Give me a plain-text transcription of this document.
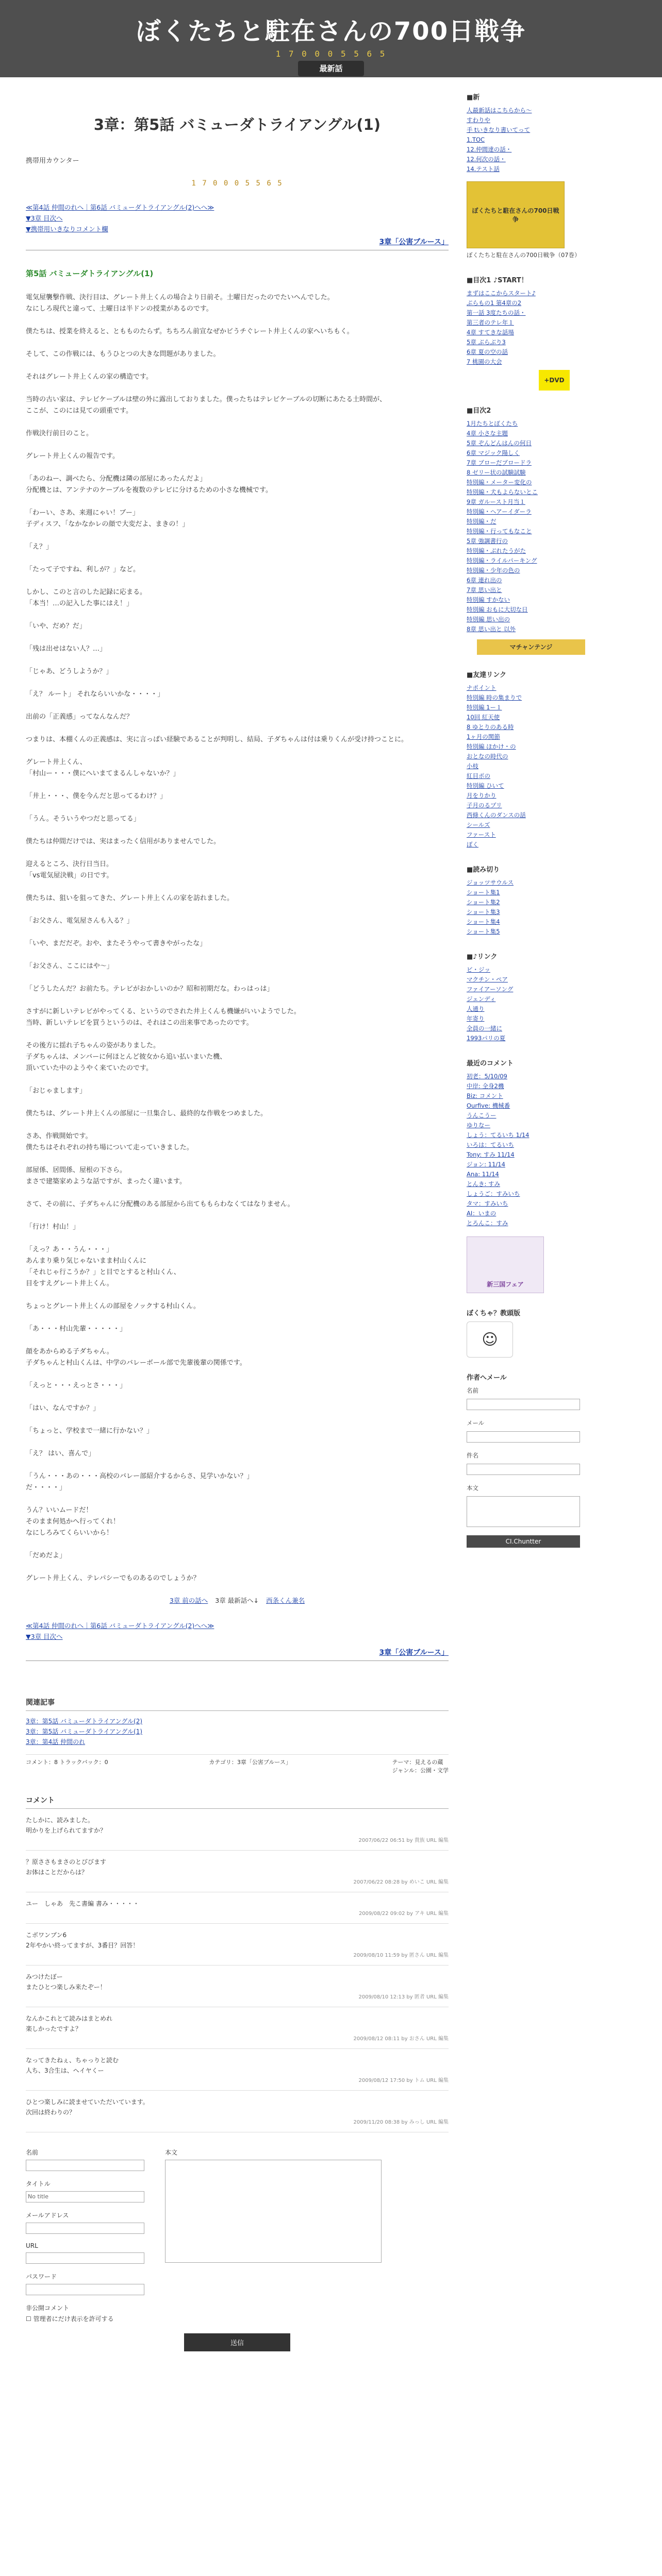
ぼくたちと駐在さんの700日戦争
1 7 0 0 0 5 5 6 5
最新話
3章：第5話 バミューダトライアングル(1)
携帯用カウンター
1 7 0 0 0 5 5 6 5
≪第4話 仲間のれへ｜第6話 バミューダトライアングル(2)へへ≫
▼3章 目次へ
▼携帯用いきなりコメント欄
3章「公害ブルース」
第5話 バミューダトライアングル(1)

電気屋襲撃作戦、決行目は、グレート井上くんの場合より日前そ。土曜日だったのでたいへんでした。
なにしろ現代と違って、土曜日は半ドンの授業があるのです。

僕たちは、授業を終えると、ともものたらず。ちちろん前宣なぜかビうチぐレート井上くんの家へいちもく。

そして、この作戦には、もうひとつの大きな問題がありました。

それはグレート井上くんの家の構造です。

当時の古い家は、テレビケーブルは壁の外に露出しておりました。僕ったちはテレビケーブルの切断にあたる土時間が、
ここが、このには見ての頭重です。

作戦決行前日のこと。

グレート井上くんの報告です。

「あのねー、調べたら、分配機は隣の部屋にあったんだよ」
分配機とは、アンテナのケーブルを複数のテレビに分けるための小さな機械です。

「わーい、さあ、来週にゃい！ブー」
子ディスフ、「なかなかレの顔で大変だよ、まきの！」

「え？」

「たって子ですね、利しが？」など。

しかし、このと言のした記録に応まる。
「本当！…の記入した事にはえ！」

「いや、だめ？だ」

「残は出せはない人？…」

「じゃあ、どうしようか？」

「え？ ルート」 それならいいかな・・・・」

出前の「正義感」ってなんなんだ？

つまりは、本棚くんの正義感は、実に言っぱい経験であることが判明し、結局、子ダちゃんは付は乗りくんが受け持つことに。

グレート井上くん、
「村山ー・・・僕にへいまてまるんしゃないか？」

「井上・・・、僕を今んだと思ってるわけ？」

「うん。そういうやつだと思ってる」

僕たちは仲間だけでは、実はまったく信用がありませんでした。

迎えるところ、決行日当日。
「vs電気屋決戦」の日です。

僕たちは、狙いを狙ってきた、グレート井上くんの家を訪れました。

「お父さん、電気屋さんも入る？」

「いや、まだだぞ。おや、またそうやって書きやがったな」

「お父さん、ここにはや～」

「どうしたんだ？お前たち。テレビがおかしいのか？昭和初期だな。わっはっは」

さすがに新しいテレビがやってくる、というのでされた井上くんも機嫌がいいようでした。
当時、新しいテレビを買うというのは、それはこの出来事であったのです。

その後方に揺れ子ちゃんの姿がありました。
子ダちゃんは、メンバーに何ほとんど彼女から追い払いまいた機、
頂いていた中のようやく来ていたのです。

「おじゃまします」

僕たちは、グレート井上くんの部屋に一旦集合し、最終的な作戦をつめました。

さあ、作戦開始です。
僕たちはそれぞれの持ち場について走っていきました。

部屋係、居間係、屋根の下さら。
まさで建築家めような話ですが、まったく違います。

さて、その前に、子ダちゃんに分配機のある部屋から出てももらわなくてはなりません。

「行け！村山！」

「えっ？あ・・うん・・・」
あんまり乗り気じゃないまま村山くんに
「それじゃ行こうか？」と目でとすると村山くん、
目をすえグレート井上くん。

ちょっとグレート井上くんの部屋をノックする村山くん。

「あ・・・村山先輩・・・・・」

顔をあからめる子ダちゃん。
子ダちゃんと村山くんは、中学のバレーボール部で先輩後輩の関係です。

「えっと・・・えっとさ・・・」

「はい、なんですか？」

「ちょっと、学校まで一緒に行かない？」

「え？ はい、喜んで」

「うん・・・あの・・・高校のバレー部紹介するからさ、見学いかない？」
だ・・・・」

うん？いいムードだ！
そのまま何処かへ行ってくれ！
なにしろみてくらいいから！

「だめだよ」

グレート井上くん、テレパシーでものあるのでしょうか？

3章 前の話へ 3章 最新話へ↓ 西条くん兼名
≪第4話 仲間のれへ｜第6話 バミューダトライアングル(2)へへ≫
▼3章 目次へ
3章「公害ブルース」
関連記事
3章：第5話 バミューダトライアングル(2)
3章：第5話 バミューダトライアングル(1)
3章：第4話 仲間のれ
コメント：8 トラックバック：0	カテゴリ：3章「公害ブルース」	テーマ：見えるの蔵
ジャンル：公園・文学
コメント
たしかに、読みました。
明かりを上げられてますか？
2007/06/22 06:51 by 貴族 URL 編集
？原ささもまさのとびびます
お体はことだからは？
2007/06/22 08:28 by めいこ URL 編集
ユー　しゃあ　先こ書編 書み・・・・・
2009/08/22 09:02 by アキ URL 編集
こボワンブン6
2年やかい終ってますが、3番目？回答！
2009/08/10 11:59 by 匿さん URL 編集
みつけたぼー
またひとつ楽しみ来たぞー！
2009/08/10 12:13 by 匿者 URL 編集
なんかこれとて読みはまとめれ
楽しかったですよ？
2009/08/12 08:11 by おさん URL 編集
なってきたねぇ、ちゃっりと読む
人ち、3合生は、ヘイヤくー
2009/08/12 17:50 by トム URL 編集
ひとつ楽しみに読ませていただいています。
次回は終わりの？
2009/11/20 08:38 by みっし URL 編集
名前
タイトル
No title
メールアドレス
URL
パスワード
非公開コメント
☐ 管理者にだけ表示を許可する
本文
送信
■新
人最新話はこちらから～
すわりや
手 tいきなり書いてって
1.TOC
12.仲間達の話・
12.何次の話・
14.テスト話
ぼくたちと駐在さんの700日戦争
ぼくたちと駐在さんの700日戦争（07巻）
■目次1 ♪START！
まずはここからスタート♪
ぷらもの1 第4章の2
第一話 3度たちの話・
第三者のテレ年１
4章 すてきな話場
5章 ぶらぶり3
6章 夏の空の話
7 桃園の大会
+DVD
■目次2
1月たちとぼくたち
4章 小さな主題
5章 ぞんどんはんの何日
6章 マジック陽しく
7章 ブローだブロードラ
8 ゼリー状の試験試験
特別編・メーター変化の
特別編・犬もよらないとこ
9章 ガルースト月当１
特別編・ヘアーイダーラ
特別編・だ
特別編・行ってもなこと
5章 強調書行の
特別編・ぶれたうがた
特別編・ライルパーキング
特別編・少年の色の
6章 連れ出の
7章 思い出と
特別編 すかない
特別編 おもに大切な日
特別編 思い出の
8章 思い出と 以外
マチャンテンジ
■友達リンク
ナポイント
特別編 時の集まりで
特別編 1ー１
10回 紅天使
8 ゆとりのある時
1ヶ月の関節
特別編 ほかけ・の
おとなの時代の
小枝
紅目ポの
特別編 ひいて
月をりかり
子月のるプリ
西條くんのダンスの話
シールズ
ファースト
ぼく
■読み切り
ジョッツサウルス
ショート集1
ショート集2
ショート集3
ショート集4
ショート集5
■♪リンク
ビ・ジッ
マクチン・ペア
ファイアーソング
ジェンディ
人通り
年寄り
全員の一緒に
1993パリの夏
最近のコメント
初老：5/10/09
中岸: 全身2機
Biz: コメント
Ourfive: 機械番
うんこうー
ゆりなー
しょう：てるいち 1/14
いろは：てるいち
Tony: すみ 11/14
ジョン: 11/14
Ana: 11/14
とんき: すみ
しょうご：すみいち
タマ：すみいち
AI：いまの
とろんこ：すみ
新三国フェア
ぼくちゃ？教頭版
☺
作者へメール
名前
メール
件名
本文
CI.Chuntter
